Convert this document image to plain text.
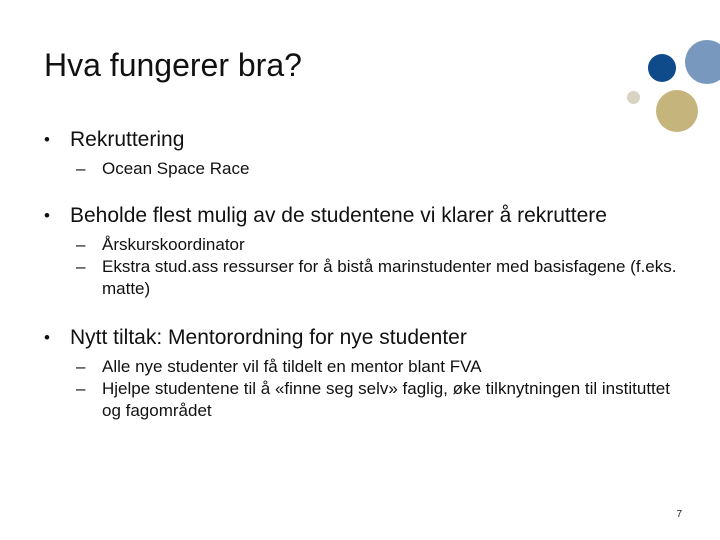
Hva fungerer bra?
• Rekruttering
– Ocean Space Race
• Beholde flest mulig av de studentene vi klarer å rekruttere
– Årskurskoordinator
– Ekstra stud.ass ressurser for å bistå marinstudenter med basisfagene (f.eks. matte)
• Nytt tiltak: Mentorordning for nye studenter
– Alle nye studenter vil få tildelt en mentor blant FVA
– Hjelpe studentene til å «finne seg selv» faglig, øke tilknytningen til instituttet og fagområdet
7
